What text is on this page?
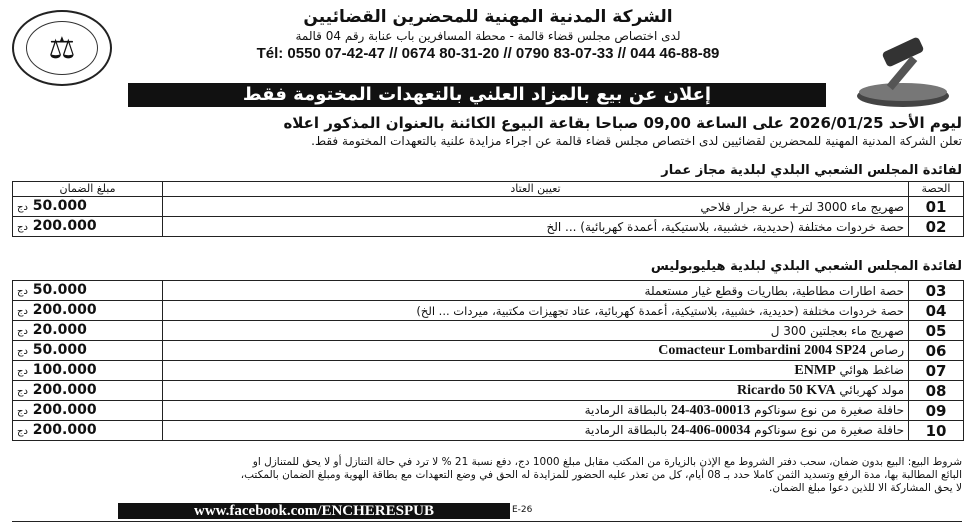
⚖
الشركة المدنية المهنية للمحضرين القضائيين
لدى اختصاص مجلس قضاء قالمة - محطة المسافرين باب عنابة رقم 04 قالمة
Tél: 0550 07-42-47 // 0674 80-31-20 // 0790 83-07-33 // 044 46-88-89
إعلان عن بيع بالمزاد العلني بالتعهدات المختومة فقط
ليوم الأحد 2026/01/25 على الساعة 09,00 صباحا بقاعة البيوع الكائنة بالعنوان المذكور اعلاه
تعلن الشركة المدنية المهنية للمحضرين لقضائيين لدى اختصاص مجلس قضاء قالمة عن اجراء مزايدة علنية بالتعهدات المختومة فقط.
لفائدة المجلس الشعبي البلدي لبلدية مجاز عمار
الحصة	تعيين العتاد	مبلغ الضمان
01	صهريج ماء 3000 لتر+ عربة جرار فلاحي	50.000 دج
02	حصة خردوات مختلفة (حديدية، خشبية، بلاستيكية، أعمدة كهربائية) ... الخ	200.000 دج
لفائدة المجلس الشعبي البلدي لبلدية هيليوبوليس
03	حصة اطارات مطاطية، بطاريات وقطع غيار مستعملة	50.000 دج
04	حصة خردوات مختلفة (حديدية، خشبية، بلاستيكية، أعمدة كهربائية، عتاد تجهيزات مكتبية، ميردات ... الخ)	200.000 دج
05	صهريج ماء بعجلتين 300 ل	20.000 دج
06	رصاص Comacteur Lombardini 2004 SP24	50.000 دج
07	ضاغط هوائي ENMP	100.000 دج
08	مولد كهربائي Ricardo 50 KVA	200.000 دج
09	حافلة صغيرة من نوع سوناكوم 24-403-00013 بالبطاقة الرمادية	200.000 دج
10	حافلة صغيرة من نوع سوناكوم 24-406-00034 بالبطاقة الرمادية	200.000 دج
شروط البيع: البيع بدون ضمان، سحب دفتر الشروط مع الإذن بالزيارة من المكتب مقابل مبلغ 1000 دج، دفع نسبة 21 % لا ترد في حالة التنازل أو لا يحق للمتنازل او
البائع المطالبة بها، مدة الرفع وتسديد الثمن كاملا حدد بـ 08 أيام، كل من تعذر عليه الحضور للمزايدة له الحق في وضع التعهدات مع بطاقة الهوية ومبلغ الضمان بالمكتب،
لا يحق المشاركة الا للذين دعوا مبلغ الضمان.
www.facebook.com/ENCHERESPUB	E-26
